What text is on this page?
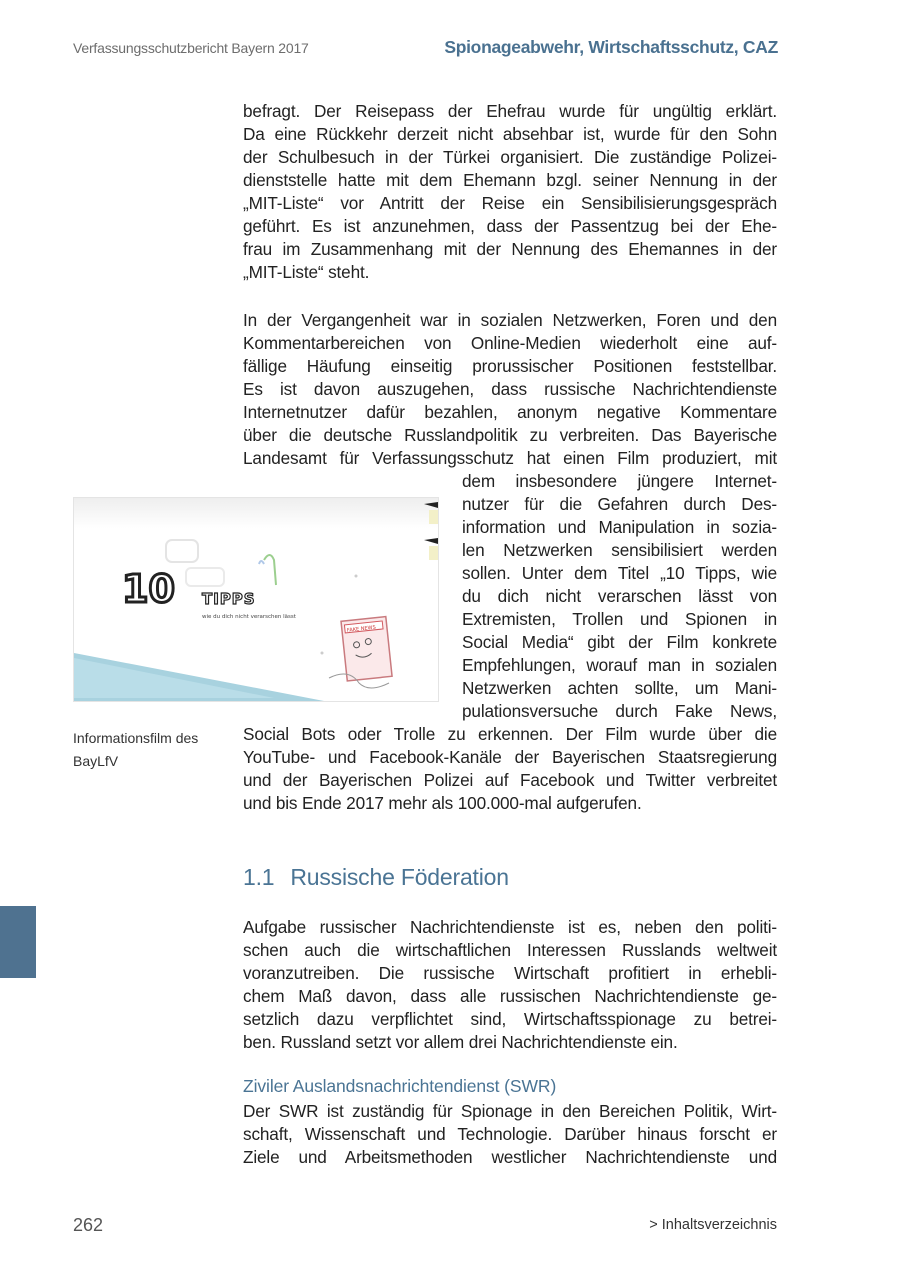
Verfassungsschutzbericht Bayern 2017	Spionageabwehr, Wirtschaftsschutz, CAZ
befragt. Der Reisepass der Ehefrau wurde für ungültig erklärt.
Da eine Rückkehr derzeit nicht absehbar ist, wurde für den Sohn
der Schulbesuch in der Türkei organisiert. Die zuständige Polizei-
dienststelle hatte mit dem Ehemann bzgl. seiner Nennung in der
„MIT-Liste“ vor Antritt der Reise ein Sensibilisierungsgespräch
geführt. Es ist anzunehmen, dass der Passentzug bei der Ehe-
frau im Zusammenhang mit der Nennung des Ehemannes in der
„MIT-Liste“ steht.
In der Vergangenheit war in sozialen Netzwerken, Foren und den
Kommentarbereichen von Online-Medien wiederholt eine auf-
fällige Häufung einseitig prorussischer Positionen feststellbar.
Es ist davon auszugehen, dass russische Nachrichtendienste
Internetnutzer dafür bezahlen, anonym negative Kommentare
über die deutsche Russlandpolitik zu verbreiten. Das Bayerische
Landesamt für Verfassungsschutz hat einen Film produziert, mit
dem insbesondere jüngere Internet-
nutzer für die Gefahren durch Des-
information und Manipulation in sozia-
len Netzwerken sensibilisiert werden
sollen. Unter dem Titel „10 Tipps, wie
du dich nicht verarschen lässt von
Extremisten, Trollen und Spionen in
Social Media“ gibt der Film konkrete
Empfehlungen, worauf man in sozialen
Netzwerken achten sollte, um Mani-
pulationsversuche durch Fake News,
Social Bots oder Trolle zu erkennen. Der Film wurde über die
YouTube- und Facebook-Kanäle der Bayerischen Staatsregierung
und der Bayerischen Polizei auf Facebook und Twitter verbreitet
und bis Ende 2017 mehr als 100.000-mal aufgerufen.
10 TIPPS
wie du dich nicht verarschen lässt
FAKE NEWS
Informationsfilm des
BayLfV
1.1 Russische Föderation
Aufgabe russischer Nachrichtendienste ist es, neben den politi-
schen auch die wirtschaftlichen Interessen Russlands weltweit
voranzutreiben. Die russische Wirtschaft profitiert in erhebli-
chem Maß davon, dass alle russischen Nachrichtendienste ge-
setzlich dazu verpflichtet sind, Wirtschaftsspionage zu betrei-
ben. Russland setzt vor allem drei Nachrichtendienste ein.
Ziviler Auslandsnachrichtendienst (SWR)
Der SWR ist zuständig für Spionage in den Bereichen Politik, Wirt-
schaft, Wissenschaft und Technologie. Darüber hinaus forscht er
Ziele und Arbeitsmethoden westlicher Nachrichtendienste und
262	> Inhaltsverzeichnis
